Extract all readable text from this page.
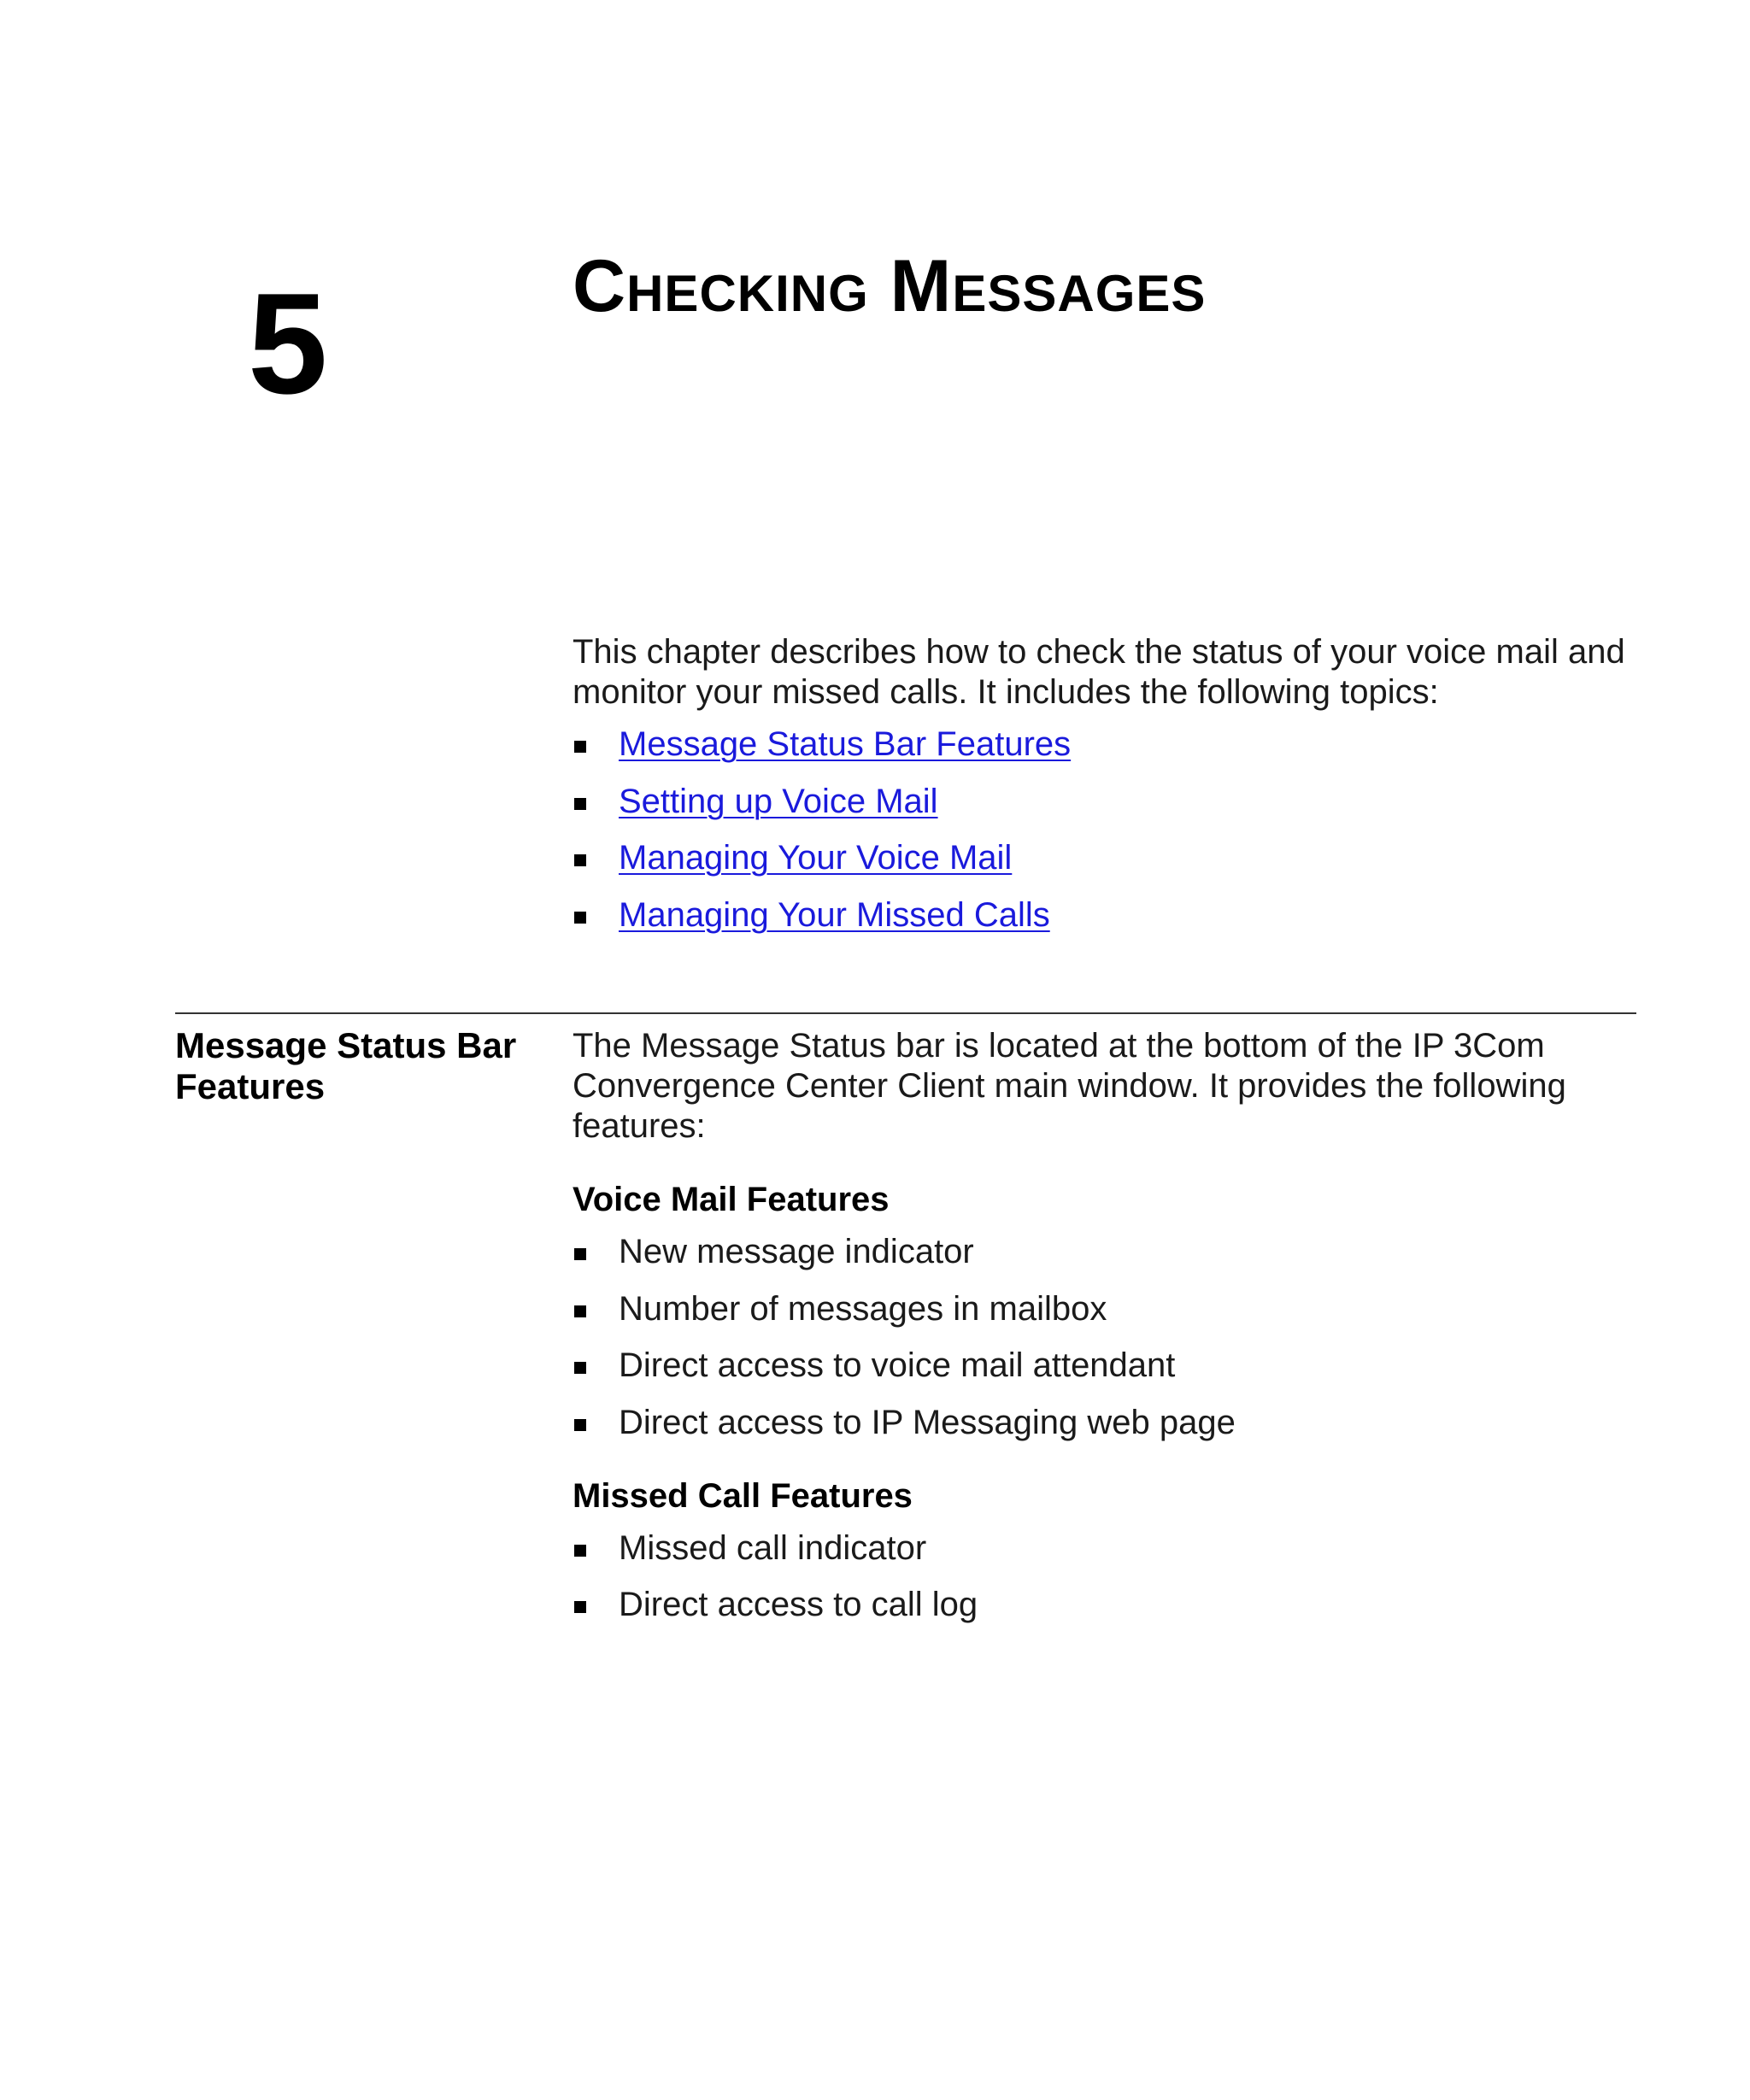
5	Checking Messages

This chapter describes how to check the status of your voice mail and monitor your missed calls. It includes the following topics:

Message Status Bar Features
Setting up Voice Mail
Managing Your Voice Mail
Managing Your Missed Calls
Message Status Bar Features

The Message Status bar is located at the bottom of the IP 3Com Convergence Center Client main window. It provides the following features:

Voice Mail Features
New message indicator
Number of messages in mailbox
Direct access to voice mail attendant
Direct access to IP Messaging web page
Missed Call Features
Missed call indicator
Direct access to call log
